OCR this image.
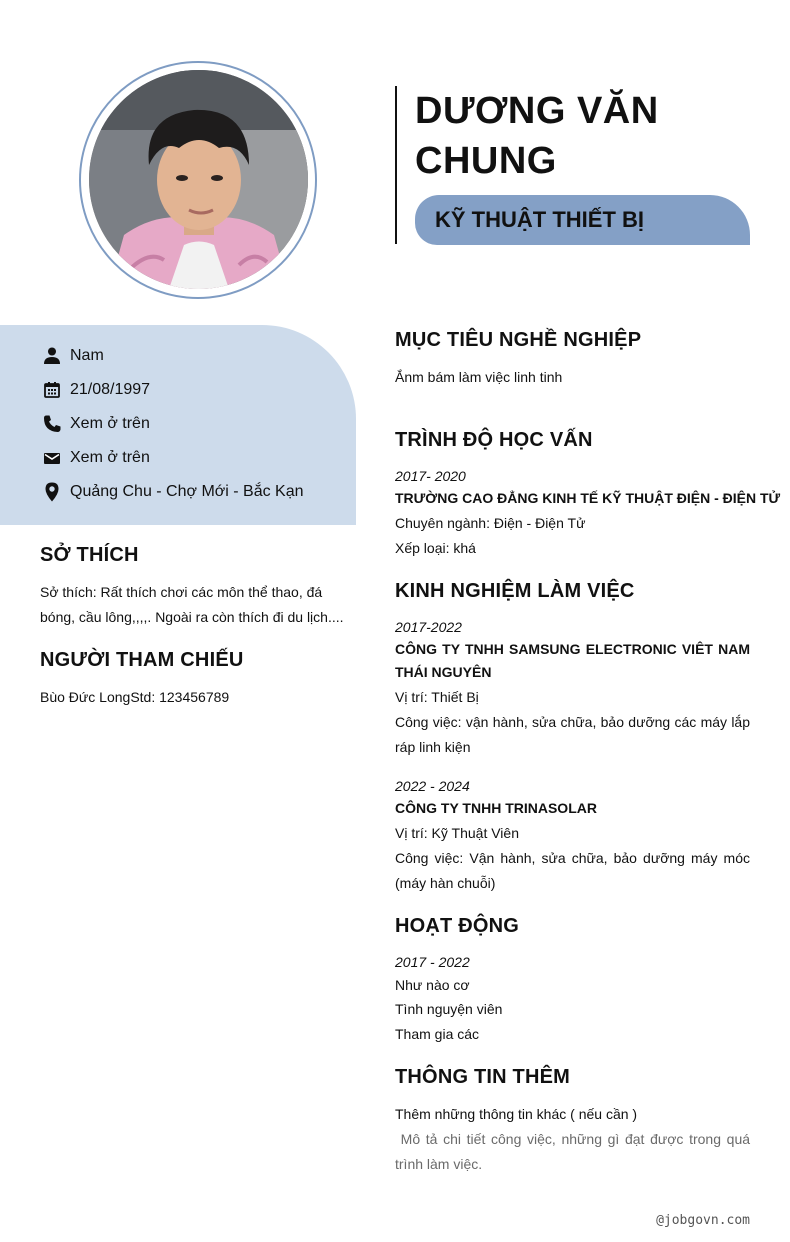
DƯƠNG VĂN CHUNG
KỸ THUẬT THIẾT BỊ
Nam
21/08/1997
Xem ở trên
Xem ở trên
Quảng Chu - Chợ Mới - Bắc Kạn
SỞ THÍCH
Sở thích: Rất thích chơi các môn thể thao, đá bóng, cầu lông,,,,. Ngoài ra còn thích đi du lịch....
NGƯỜI THAM CHIẾU
Bùo Đức LongStd: 123456789
MỤC TIÊU NGHỀ NGHIỆP
Ắnm bám làm việc linh tinh
TRÌNH ĐỘ HỌC VẤN
2017- 2020
TRƯỜNG CAO ĐẲNG KINH TẾ KỸ THUẬT ĐIỆN - ĐIỆN TỬ
Chuyên ngành: Điện - Điện Tử
Xếp loại: khá
KINH NGHIỆM LÀM VIỆC
2017-2022
CÔNG TY TNHH SAMSUNG ELECTRONIC VIÊT NAM THÁI NGUYÊN
Vị trí: Thiết Bị
Công việc: vận hành, sửa chữa, bảo dưỡng các máy lắp ráp linh kiện
2022 - 2024
CÔNG TY TNHH TRINASOLAR
Vị trí: Kỹ Thuật Viên
Công việc: Vận hành, sửa chữa, bảo dưỡng máy móc (máy hàn chuỗi)
HOẠT ĐỘNG
2017 - 2022
Như nào cơ
Tình nguyện viên
Tham gia các
THÔNG TIN THÊM
Thêm những thông tin khác ( nếu cần )
Mô tả chi tiết công việc, những gì đạt được trong quá trình làm việc.
@jobgovn.com
